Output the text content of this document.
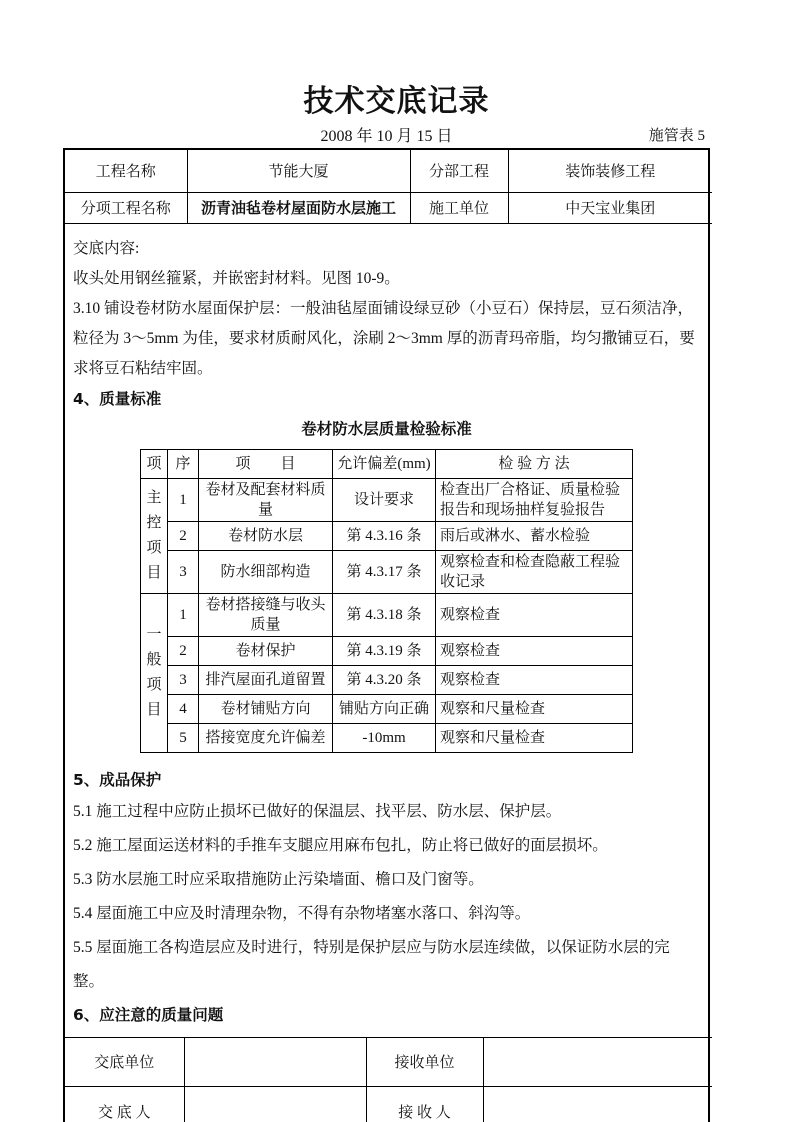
技术交底记录
2008 年 10 月 15 日	施管表 5
工程名称	节能大厦	分部工程	装饰装修工程
分项工程名称	沥青油毡卷材屋面防水层施工	施工单位	中天宝业集团

交底内容:

收头处用钢丝箍紧，并嵌密封材料。见图 10-9。

3.10 铺设卷材防水屋面保护层：一般油毡屋面铺设绿豆砂（小豆石）保持层，豆石须洁净，粒径为 3～5mm 为佳，要求材质耐风化，涂刷 2～3mm 厚的沥青玛帝脂，均匀撒铺豆石，要求将豆石粘结牢固。

4、质量标准

卷材防水层质量检验标准

项	序	项　　目	允许偏差(mm)	检 验 方 法
主控项目	1	卷材及配套材料质量	设计要求	检查出厂合格证、质量检验报告和现场抽样复验报告
	2	卷材防水层	第 4.3.16 条	雨后或淋水、蓄水检验
	3	防水细部构造	第 4.3.17 条	观察检查和检查隐蔽工程验收记录
一般项目	1	卷材搭接缝与收头质量	第 4.3.18 条	观察检查
	2	卷材保护	第 4.3.19 条	观察检查
	3	排汽屋面孔道留置	第 4.3.20 条	观察检查
	4	卷材铺贴方向	铺贴方向正确	观察和尺量检查
	5	搭接宽度允许偏差	-10mm	观察和尺量检查

5、成品保护

5.1 施工过程中应防止损坏已做好的保温层、找平层、防水层、保护层。

5.2 施工屋面运送材料的手推车支腿应用麻布包扎，防止将已做好的面层损坏。

5.3 防水层施工时应采取措施防止污染墙面、檐口及门窗等。

5.4 屋面施工中应及时清理杂物，不得有杂物堵塞水落口、斜沟等。

5.5 屋面施工各构造层应及时进行，特别是保护层应与防水层连续做，以保证防水层的完整。

6、应注意的质量问题

交底单位		接收单位	
交 底 人		接 收 人	
